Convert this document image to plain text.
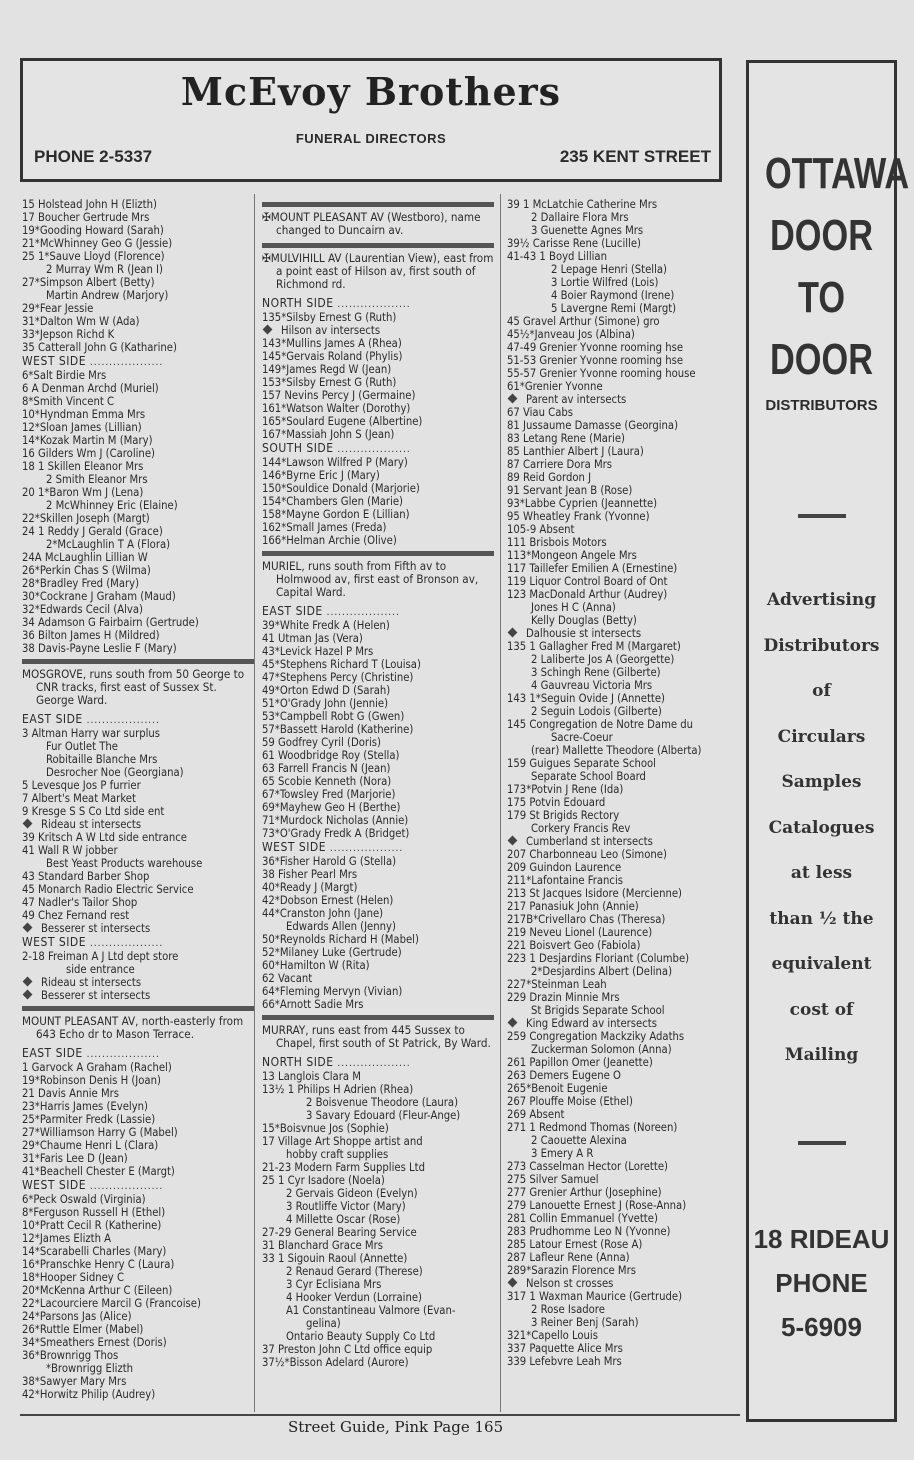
McEvoy Brothers
FUNERAL DIRECTORS
PHONE 2-5337	235 KENT STREET OTTAWA
DOOR
TO
DOOR
DISTRIBUTORS
Advertising
Distributors
of
Circulars
Samples
Catalogues
at less
than ½ the
equivalent
cost of
Mailing
18 RIDEAU
PHONE
5-6909
15 Holstead John H (Elizth)
17 Boucher Gertrude Mrs
19*Gooding Howard (Sarah)
21*McWhinney Geo G (Jessie)
25 1*Sauve Lloyd (Florence)
2 Murray Wm R (Jean I)
27*Simpson Albert (Betty)
Martin Andrew (Marjory)
29*Fear Jessie
31*Dalton Wm W (Ada)
33*Jepson Richd K
35 Catterall John G (Katharine)
WEST SIDE .....
6*Salt Birdie Mrs
6 A Denman Archd (Muriel)
8*Smith Vincent C
10*Hyndman Emma Mrs
12*Sloan James (Lillian)
14*Kozak Martin M (Mary)
16 Gilders Wm J (Caroline)
18 1 Skillen Eleanor Mrs
2 Smith Eleanor Mrs
20 1*Baron Wm J (Lena)
2 McWhinney Eric (Elaine)
22*Skillen Joseph (Margt)
24 1 Reddy J Gerald (Grace)
2*McLaughlin T A (Flora)
24A McLaughlin Lillian W
26*Perkin Chas S (Wilma)
28*Bradley Fred (Mary)
30*Cockrane J Graham (Maud)
32*Edwards Cecil (Alva)
34 Adamson G Fairbairn (Gertrude)
36 Bilton James H (Mildred)
38 Davis-Payne Leslie F (Mary)
MOSGROVE, runs south from 50 George to CNR tracks, first east of Sussex St. George Ward.
EAST SIDE .....
3 Altman Harry war surplus
Fur Outlet The
Robitaille Blanche Mrs
Desrocher Noe (Georgiana)
5 Levesque Jos P furrier
7 Albert's Meat Market
9 Kresge S S Co Ltd side ent
Rideau st intersects
39 Kritsch A W Ltd side entrance
41 Wall R W jobber
Best Yeast Products warehouse
43 Standard Barber Shop
45 Monarch Radio Electric Service
47 Nadler's Tailor Shop
49 Chez Fernand rest
Besserer st intersects
WEST SIDE .....
2-18 Freiman A J Ltd dept store
side entrance
Rideau st intersects
Besserer st intersects
MOUNT PLEASANT AV, north-easterly from 643 Echo dr to Mason Terrace.
EAST SIDE .....
1 Garvock A Graham (Rachel)
19*Robinson Denis H (Joan)
21 Davis Annie Mrs
23*Harris James (Evelyn)
25*Parmiter Fredk (Lassie)
27*Williamson Harry G (Mabel)
29*Chaume Henri L (Clara)
31*Faris Lee D (Jean)
41*Beachell Chester E (Margt)
WEST SIDE .....
6*Peck Oswald (Virginia)
8*Ferguson Russell H (Ethel)
10*Pratt Cecil R (Katherine)
12*James Elizth A
14*Scarabelli Charles (Mary)
16*Pranschke Henry C (Laura)
18*Hooper Sidney C
20*McKenna Arthur C (Eileen)
22*Lacourciere Marcil G (Francoise)
24*Parsons Jas (Alice)
26*Ruttle Elmer (Mabel)
34*Smeathers Ernest (Doris)
36*Brownrigg Thos
*Brownrigg Elizth
38*Sawyer Mary Mrs
42*Horwitz Philip (Audrey)
✠MOUNT PLEASANT AV (Westboro), name changed to Duncairn av.
✠MULVIHILL AV (Laurentian View), east from a point east of Hilson av, first south of Richmond rd.
NORTH SIDE .....
135*Silsby Ernest G (Ruth)
Hilson av intersects
143*Mullins James A (Rhea)
145*Gervais Roland (Phylis)
149*James Regd W (Jean)
153*Silsby Ernest G (Ruth)
157 Nevins Percy J (Germaine)
161*Watson Walter (Dorothy)
165*Soulard Eugene (Albertine)
167*Massiah John S (Jean)
SOUTH SIDE .....
144*Lawson Wilfred P (Mary)
146*Byrne Eric J (Mary)
150*Souldice Donald (Marjorie)
154*Chambers Glen (Marie)
158*Mayne Gordon E (Lillian)
162*Small James (Freda)
166*Helman Archie (Olive)
MURIEL, runs south from Fifth av to Holmwood av, first east of Bronson av, Capital Ward.
EAST SIDE .....
39*White Fredk A (Helen)
41 Utman Jas (Vera)
43*Levick Hazel P Mrs
45*Stephens Richard T (Louisa)
47*Stephens Percy (Christine)
49*Orton Edwd D (Sarah)
51*O'Grady John (Jennie)
53*Campbell Robt G (Gwen)
57*Bassett Harold (Katherine)
59 Godfrey Cyril (Doris)
61 Woodbridge Roy (Stella)
63 Farrell Francis N (Jean)
65 Scobie Kenneth (Nora)
67*Towsley Fred (Marjorie)
69*Mayhew Geo H (Berthe)
71*Murdock Nicholas (Annie)
73*O'Grady Fredk A (Bridget)
WEST SIDE .....
36*Fisher Harold G (Stella)
38 Fisher Pearl Mrs
40*Ready J (Margt)
42*Dobson Ernest (Helen)
44*Cranston John (Jane)
Edwards Allen (Jenny)
50*Reynolds Richard H (Mabel)
52*Milaney Luke (Gertrude)
60*Hamilton W (Rita)
62 Vacant
64*Fleming Mervyn (Vivian)
66*Arnott Sadie Mrs
MURRAY, runs east from 445 Sussex to Chapel, first south of St Patrick, By Ward.
NORTH SIDE .....
13 Langlois Clara M
13½ 1 Philips H Adrien (Rhea)
2 Boisvenue Theodore (Laura)
3 Savary Edouard (Fleur-Ange)
15*Boisvnue Jos (Sophie)
17 Village Art Shoppe artist and
hobby craft supplies
21-23 Modern Farm Supplies Ltd
25 1 Cyr Isadore (Noela)
2 Gervais Gideon (Evelyn)
3 Routliffe Victor (Mary)
4 Millette Oscar (Rose)
27-29 General Bearing Service
31 Blanchard Grace Mrs
33 1 Sigouin Raoul (Annette)
2 Renaud Gerard (Therese)
3 Cyr Eclisiana Mrs
4 Hooker Verdun (Lorraine)
A1 Constantineau Valmore (Evan-
gelina)
Ontario Beauty Supply Co Ltd
37 Preston John C Ltd office equip
37½*Bisson Adelard (Aurore)
39 1 McLatchie Catherine Mrs
2 Dallaire Flora Mrs
3 Guenette Agnes Mrs
39½ Carisse Rene (Lucille)
41-43 1 Boyd Lillian
2 Lepage Henri (Stella)
3 Lortie Wilfred (Lois)
4 Boier Raymond (Irene)
5 Lavergne Remi (Margt)
45 Gravel Arthur (Simone) gro
45½*Janveau Jos (Albina)
47-49 Grenier Yvonne rooming hse
51-53 Grenier Yvonne rooming hse
55-57 Grenier Yvonne rooming house
61*Grenier Yvonne
Parent av intersects
67 Viau Cabs
81 Jussaume Damasse (Georgina)
83 Letang Rene (Marie)
85 Lanthier Albert J (Laura)
87 Carriere Dora Mrs
89 Reid Gordon J
91 Servant Jean B (Rose)
93*Labbe Cyprien (Jeannette)
95 Wheatley Frank (Yvonne)
105-9 Absent
111 Brisbois Motors
113*Mongeon Angele Mrs
117 Taillefer Emilien A (Ernestine)
119 Liquor Control Board of Ont
123 MacDonald Arthur (Audrey)
Jones H C (Anna)
Kelly Douglas (Betty)
Dalhousie st intersects
135 1 Gallagher Fred M (Margaret)
2 Laliberte Jos A (Georgette)
3 Schingh Rene (Gilberte)
4 Gauvreau Victoria Mrs
143 1*Seguin Ovide J (Annette)
2 Seguin Lodois (Gilberte)
145 Congregation de Notre Dame du
Sacre-Coeur
(rear) Mallette Theodore (Alberta)
159 Guigues Separate School
Separate School Board
173*Potvin J Rene (Ida)
175 Potvin Edouard
179 St Brigids Rectory
Corkery Francis Rev
Cumberland st intersects
207 Charbonneau Leo (Simone)
209 Guindon Laurence
211*Lafontaine Francis
213 St Jacques Isidore (Mercienne)
217 Panasiuk John (Annie)
217B*Crivellaro Chas (Theresa)
219 Neveu Lionel (Laurence)
221 Boisvert Geo (Fabiola)
223 1 Desjardins Floriant (Columbe)
2*Desjardins Albert (Delina)
227*Steinman Leah
229 Drazin Minnie Mrs
St Brigids Separate School
King Edward av intersects
259 Congregation Mackziky Adaths
Zuckerman Solomon (Anna)
261 Papillon Omer (Jeanette)
263 Demers Eugene O
265*Benoit Eugenie
267 Plouffe Moise (Ethel)
269 Absent
271 1 Redmond Thomas (Noreen)
2 Caouette Alexina
3 Emery A R
273 Casselman Hector (Lorette)
275 Silver Samuel
277 Grenier Arthur (Josephine)
279 Lanouette Ernest J (Rose-Anna)
281 Collin Emmanuel (Yvette)
283 Prudhomme Leo N (Yvonne)
285 Latour Ernest (Rose A)
287 Lafleur Rene (Anna)
289*Sarazin Florence Mrs
Nelson st crosses
317 1 Waxman Maurice (Gertrude)
2 Rose Isadore
3 Reiner Benj (Sarah)
321*Capello Louis
337 Paquette Alice Mrs
339 Lefebvre Leah Mrs
Street Guide, Pink Page 165
